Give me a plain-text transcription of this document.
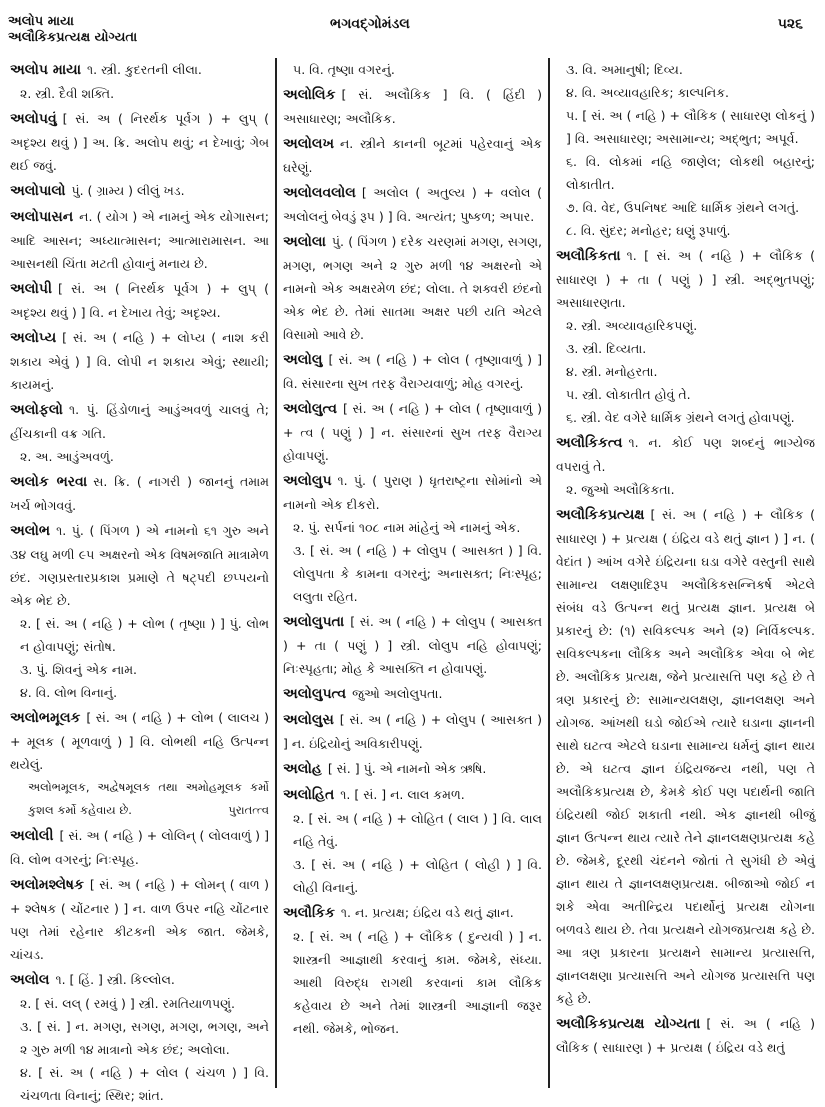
અલોપ માયા
અલૌકિકપ્રત્યક્ષ યોગ્યતા
ભગવદ્ગોમંડલ	૫૨૬
અલોપ માયા ૧. સ્ત્રી. કુદરતની લીલા.
૨. સ્ત્રી. દૈવી શક્તિ.
અલોપવું [ સં. અ ( નિરર્થક પૂર્વગ ) + લુપ્ ( અદૃશ્ય થવું ) ] અ. ક્રિ. અલોપ થવું; ન દેખાવું; ગેબ થઈ જવું.
અલોપાલો પું. ( ગ્રામ્ય ) લીલું ખડ.
અલોપાસન ન. ( યોગ ) એ નામનું એક યોગાસન; આદિ આસન; અધ્યાત્માસન; આત્મારામાસન. આ આસનથી ચિંતા મટતી હોવાનું મનાય છે.
અલોપી [ સં. અ ( નિરર્થક પૂર્વગ ) + લુપ્ ( અદૃશ્ય થવું ) ] વિ. ન દેખાય તેવું; અદૃશ્ય.
અલોપ્ય [ સં. અ ( નહિ ) + લોપ્ય ( નાશ કરી શકાય એવું ) ] વિ. લોપી ન શકાય એવું; સ્થાયી; કાયમનું.
અલોફલો ૧. પું. હિંડોળાનું આડુંઅવળું ચાલવું તે; હીંચકાની વક્ર ગતિ.
૨. અ. આડુંઅવળું.
અલોક ભરવા સ. ક્રિ. ( નાગરી ) જાનનું તમામ ખર્ચ ભોગવવું.
અલોભ ૧. પું. ( પિંગળ ) એ નામનો ૬૧ ગુરુ અને ૩૪ લઘુ મળી ૯૫ અક્ષરનો એક વિષમજાતિ માત્રામેળ છંદ. ગણપ્રસ્તારપ્રકાશ પ્રમાણે તે ષટ્પદી છપ્પયનો એક ભેદ છે.
૨. [ સં. અ ( નહિ ) + લોભ ( તૃષ્ણા ) ] પું. લોભ ન હોવાપણું; સંતોષ.
૩. પું. શિવનું એક નામ.
૪. વિ. લોભ વિનાનું.
અલોભમૂલક [ સં. અ ( નહિ ) + લોભ ( લાલચ ) + મૂલક ( મૂળવાળું ) ] વિ. લોભથી નહિ ઉત્પન્ન થયેલું.
અલોભમૂલક, અદ્વેષમૂલક તથા અમોહમૂલક કર્મો કુશલ કર્મો કહેવાય છે.	પુરાતત્ત્વ
અલોલી [ સં. અ ( નહિ ) + લોલિન્ ( લોલવાળું ) ] વિ. લોભ વગરનું; નિઃસ્પૃહ.
અલોમશ્લેષક [ સં. અ ( નહિ ) + લોમન્ ( વાળ ) + શ્લેષક ( ચોંટનાર ) ] ન. વાળ ઉપર નહિ ચોંટનાર પણ તેમાં રહેનાર કીટકની એક જાત. જેમકે, ચાંચડ.
અલોલ ૧. [ હિં. ] સ્ત્રી. કિલ્લોલ.
૨. [ સં. લલ્ ( રમવું ) ] સ્ત્રી. રમતિયાળપણું.
૩. [ સં. ] ન. મગણ, સગણ, મગણ, ભગણ, અને ૨ ગુરુ મળી ૧૪ માત્રાનો એક છંદ; અલોલા.
૪. [ સં. અ ( નહિ ) + લોલ ( ચંચળ ) ] વિ. ચંચળતા વિનાનું; સ્થિર; શાંત.
૫. વિ. તૃષ્ણા વગરનું.
અલોલિક [ સં. અલૌકિક ] વિ. ( હિંદી ) અસાધારણ; અલૌકિક.
અલોલખ ન. સ્ત્રીને કાનની બૂટમાં પહેરવાનું એક ઘરેણું.
અલોલવલોલ [ અલોલ ( અતુલ્ય ) + વલોલ ( અલોલનું બેવડું રૂપ ) ] વિ. અત્યંત; પુષ્કળ; અપાર.
અલોલા પું. ( પિંગળ ) દરેક ચરણમાં મગણ, સગણ, મગણ, ભગણ અને ૨ ગુરુ મળી ૧૪ અક્ષરનો એ નામનો એક અક્ષરમેળ છંદ; લોલા. તે શક્વરી છંદનો એક ભેદ છે. તેમાં સાતમા અક્ષર પછી યતિ એટલે વિસામો આવે છે.
અલોલુ [ સં. અ ( નહિ ) + લોલ ( તૃષ્ણાવાળું ) ] વિ. સંસારના સુખ તરફ વૈરાગ્યવાળું; મોહ વગરનું.
અલોલુત્વ [ સં. અ ( નહિ ) + લોલ ( તૃષ્ણાવાળું ) + ત્વ ( પણું ) ] ન. સંસારનાં સુખ તરફ વૈરાગ્ય હોવાપણું.
અલોલુપ ૧. પું. ( પુરાણ ) ધૃતરાષ્ટ્રના સોમાંનો એ નામનો એક દીકરો.
૨. પું. સર્પનાં ૧૦૮ નામ માંહેનું એ નામનું એક.
૩. [ સં. અ ( નહિ ) + લોલુપ ( આસક્ત ) ] વિ. લોલુપતા કે કામના વગરનું; અનાસક્ત; નિઃસ્પૃહ; લલુતા રહિત.
અલોલુપતા [ સં. અ ( નહિ ) + લોલુપ ( આસક્ત ) + તા ( પણું ) ] સ્ત્રી. લોલુપ નહિ હોવાપણું; નિઃસ્પૃહતા; મોહ કે આસક્તિ ન હોવાપણું.
અલોલુપત્વ જુઓ અલોલુપતા.
અલોલુસ [ સં. અ ( નહિ ) + લોલુપ ( આસક્ત ) ] ન. ઇંદ્રિયોનું અવિકારીપણું.
અલોહ [ સં. ] પું. એ નામનો એક ઋષિ.
અલોહિત ૧. [ સં. ] ન. લાલ કમળ.
૨. [ સં. અ ( નહિ ) + લોહિત ( લાલ ) ] વિ. લાલ નહિ તેવું.
૩. [ સં. અ ( નહિ ) + લોહિત ( લોહી ) ] વિ. લોહી વિનાનું.
અલૌકિક ૧. ન. પ્રત્યક્ષ; ઇંદ્રિય વડે થતું જ્ઞાન.
૨. [ સં. અ ( નહિ ) + લૌકિક ( દુન્યવી ) ] ન. શાસ્ત્રની આજ્ઞાથી કરવાનું કામ. જેમકે, સંધ્યા. આથી વિરુદ્ધ રાગથી કરવાનાં કામ લૌકિક કહેવાય છે અને તેમાં શાસ્ત્રની આજ્ઞાની જરૂર નથી. જેમકે, ભોજન.
૩. વિ. અમાનુષી; દિવ્ય.
૪. વિ. અવ્યાવહારિક; કાલ્પનિક.
૫. [ સં. અ ( નહિ ) + લૌકિક ( સાધારણ લોકનું ) ] વિ. અસાધારણ; અસામાન્ય; અદ્ભુત; અપૂર્વ.
૬. વિ. લોકમાં નહિ જાણેલ; લોકથી બહારનું; લોકાતીત.
૭. વિ. વેદ, ઉપનિષદ આદિ ધાર્મિક ગ્રંથને લગતું.
૮. વિ. સુંદર; મનોહર; ઘણું રૂપાળું.
અલૌકિકતા ૧. [ સં. અ ( નહિ ) + લૌકિક ( સાધારણ ) + તા ( પણું ) ] સ્ત્રી. અદ્ભુતપણું; અસાધારણતા.
૨. સ્ત્રી. અવ્યાવહારિકપણું.
૩. સ્ત્રી. દિવ્યતા.
૪. સ્ત્રી. મનોહરતા.
૫. સ્ત્રી. લોકાતીત હોવું તે.
૬. સ્ત્રી. વેદ વગેરે ધાર્મિક ગ્રંથને લગતું હોવાપણું.
અલૌકિકત્વ ૧. ન. કોઈ પણ શબ્દનું ભાગ્યેજ વપરાવું તે.
૨. જુઓ અલૌકિકતા.
અલૌકિકપ્રત્યક્ષ [ સં. અ ( નહિ ) + લૌકિક ( સાધારણ ) + પ્રત્યક્ષ ( ઇંદ્રિય વડે થતું જ્ઞાન ) ] ન. ( વેદાંત ) આંખ વગેરે ઇંદ્રિયના ઘડા વગેરે વસ્તુની સાથે સામાન્ય લક્ષણાદિરૂપ અલૌકિકસન્નિકર્ષ એટલે સંબંધ વડે ઉત્પન્ન થતું પ્રત્યક્ષ જ્ઞાન. પ્રત્યક્ષ બે પ્રકારનું છે: (૧) સવિકલ્પક અને (૨) નિર્વિકલ્પક. સવિકલ્પકના લૌકિક અને અલૌકિક એવા બે ભેદ છે. અલૌકિક પ્રત્યક્ષ, જેને પ્રત્યાસત્તિ પણ કહે છે તે ત્રણ પ્રકારનું છે: સામાન્યલક્ષણ, જ્ઞાનલક્ષણ અને યોગજ. આંખથી ઘડો જોઈએ ત્યારે ઘડાના જ્ઞાનની સાથે ઘટત્વ એટલે ઘડાના સામાન્ય ધર્મનું જ્ઞાન થાય છે. એ ઘટત્વ જ્ઞાન ઇંદ્રિયજન્ય નથી, પણ તે અલૌકિકપ્રત્યક્ષ છે, કેમકે કોઈ પણ પદાર્થની જાતિ ઇંદ્રિયથી જોઈ શકાતી નથી. એક જ્ઞાનથી બીજું જ્ઞાન ઉત્પન્ન થાય ત્યારે તેને જ્ઞાનલક્ષણપ્રત્યક્ષ કહે છે. જેમકે, દૂરથી ચંદનને જોતાં તે સુગંધી છે એવું જ્ઞાન થાય તે જ્ઞાનલક્ષણપ્રત્યક્ષ. બીજાઓ જોઈ ન શકે એવા અતીન્દ્રિય પદાર્થોનું પ્રત્યક્ષ યોગના બળવડે થાય છે. તેવા પ્રત્યક્ષને યોગજપ્રત્યક્ષ કહે છે. આ ત્રણ પ્રકારના પ્રત્યક્ષને સામાન્ય પ્રત્યાસત્તિ, જ્ઞાનલક્ષણા પ્રત્યાસત્તિ અને યોગજ પ્રત્યાસત્તિ પણ કહે છે.
અલૌકિકપ્રત્યક્ષ યોગ્યતા [ સં. અ ( નહિ ) લૌકિક ( સાધારણ ) + પ્રત્યક્ષ ( ઇંદ્રિય વડે થતું
